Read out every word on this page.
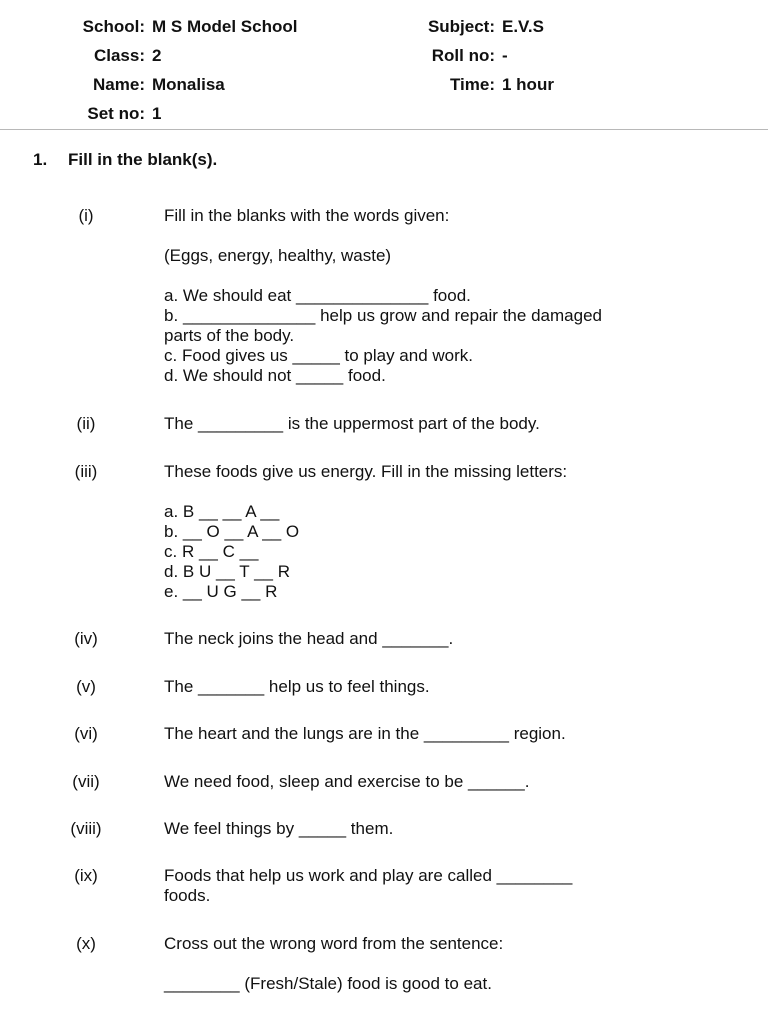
School: M S Model School
Class: 2
Name: Monalisa
Set no: 1
Subject: E.V.S
Roll no: -
Time: 1 hour
1. Fill in the blank(s).
(i)	Fill in the blanks with the words given:
(Eggs, energy, healthy, waste)
a. We should eat ______________ food.
b. ______________ help us grow and repair the damaged parts of the body.
c. Food gives us _____ to play and work.
d. We should not _____ food.
(ii)	The _________ is the uppermost part of the body.
(iii)	These foods give us energy. Fill in the missing letters:
a. B __ __ A __
b. __ O __ A __ O
c. R __ C __
d. B U __ T __ R
e. __ U G __ R
(iv)	The neck joins the head and _______.
(v)	The _______ help us to feel things.
(vi)	The heart and the lungs are in the _________ region.
(vii)	We need food, sleep and exercise to be ______.
(viii)	We feel things by _____ them.
(ix)	Foods that help us work and play are called ________ foods.
(x)	Cross out the wrong word from the sentence:
________ (Fresh/Stale) food is good to eat.
